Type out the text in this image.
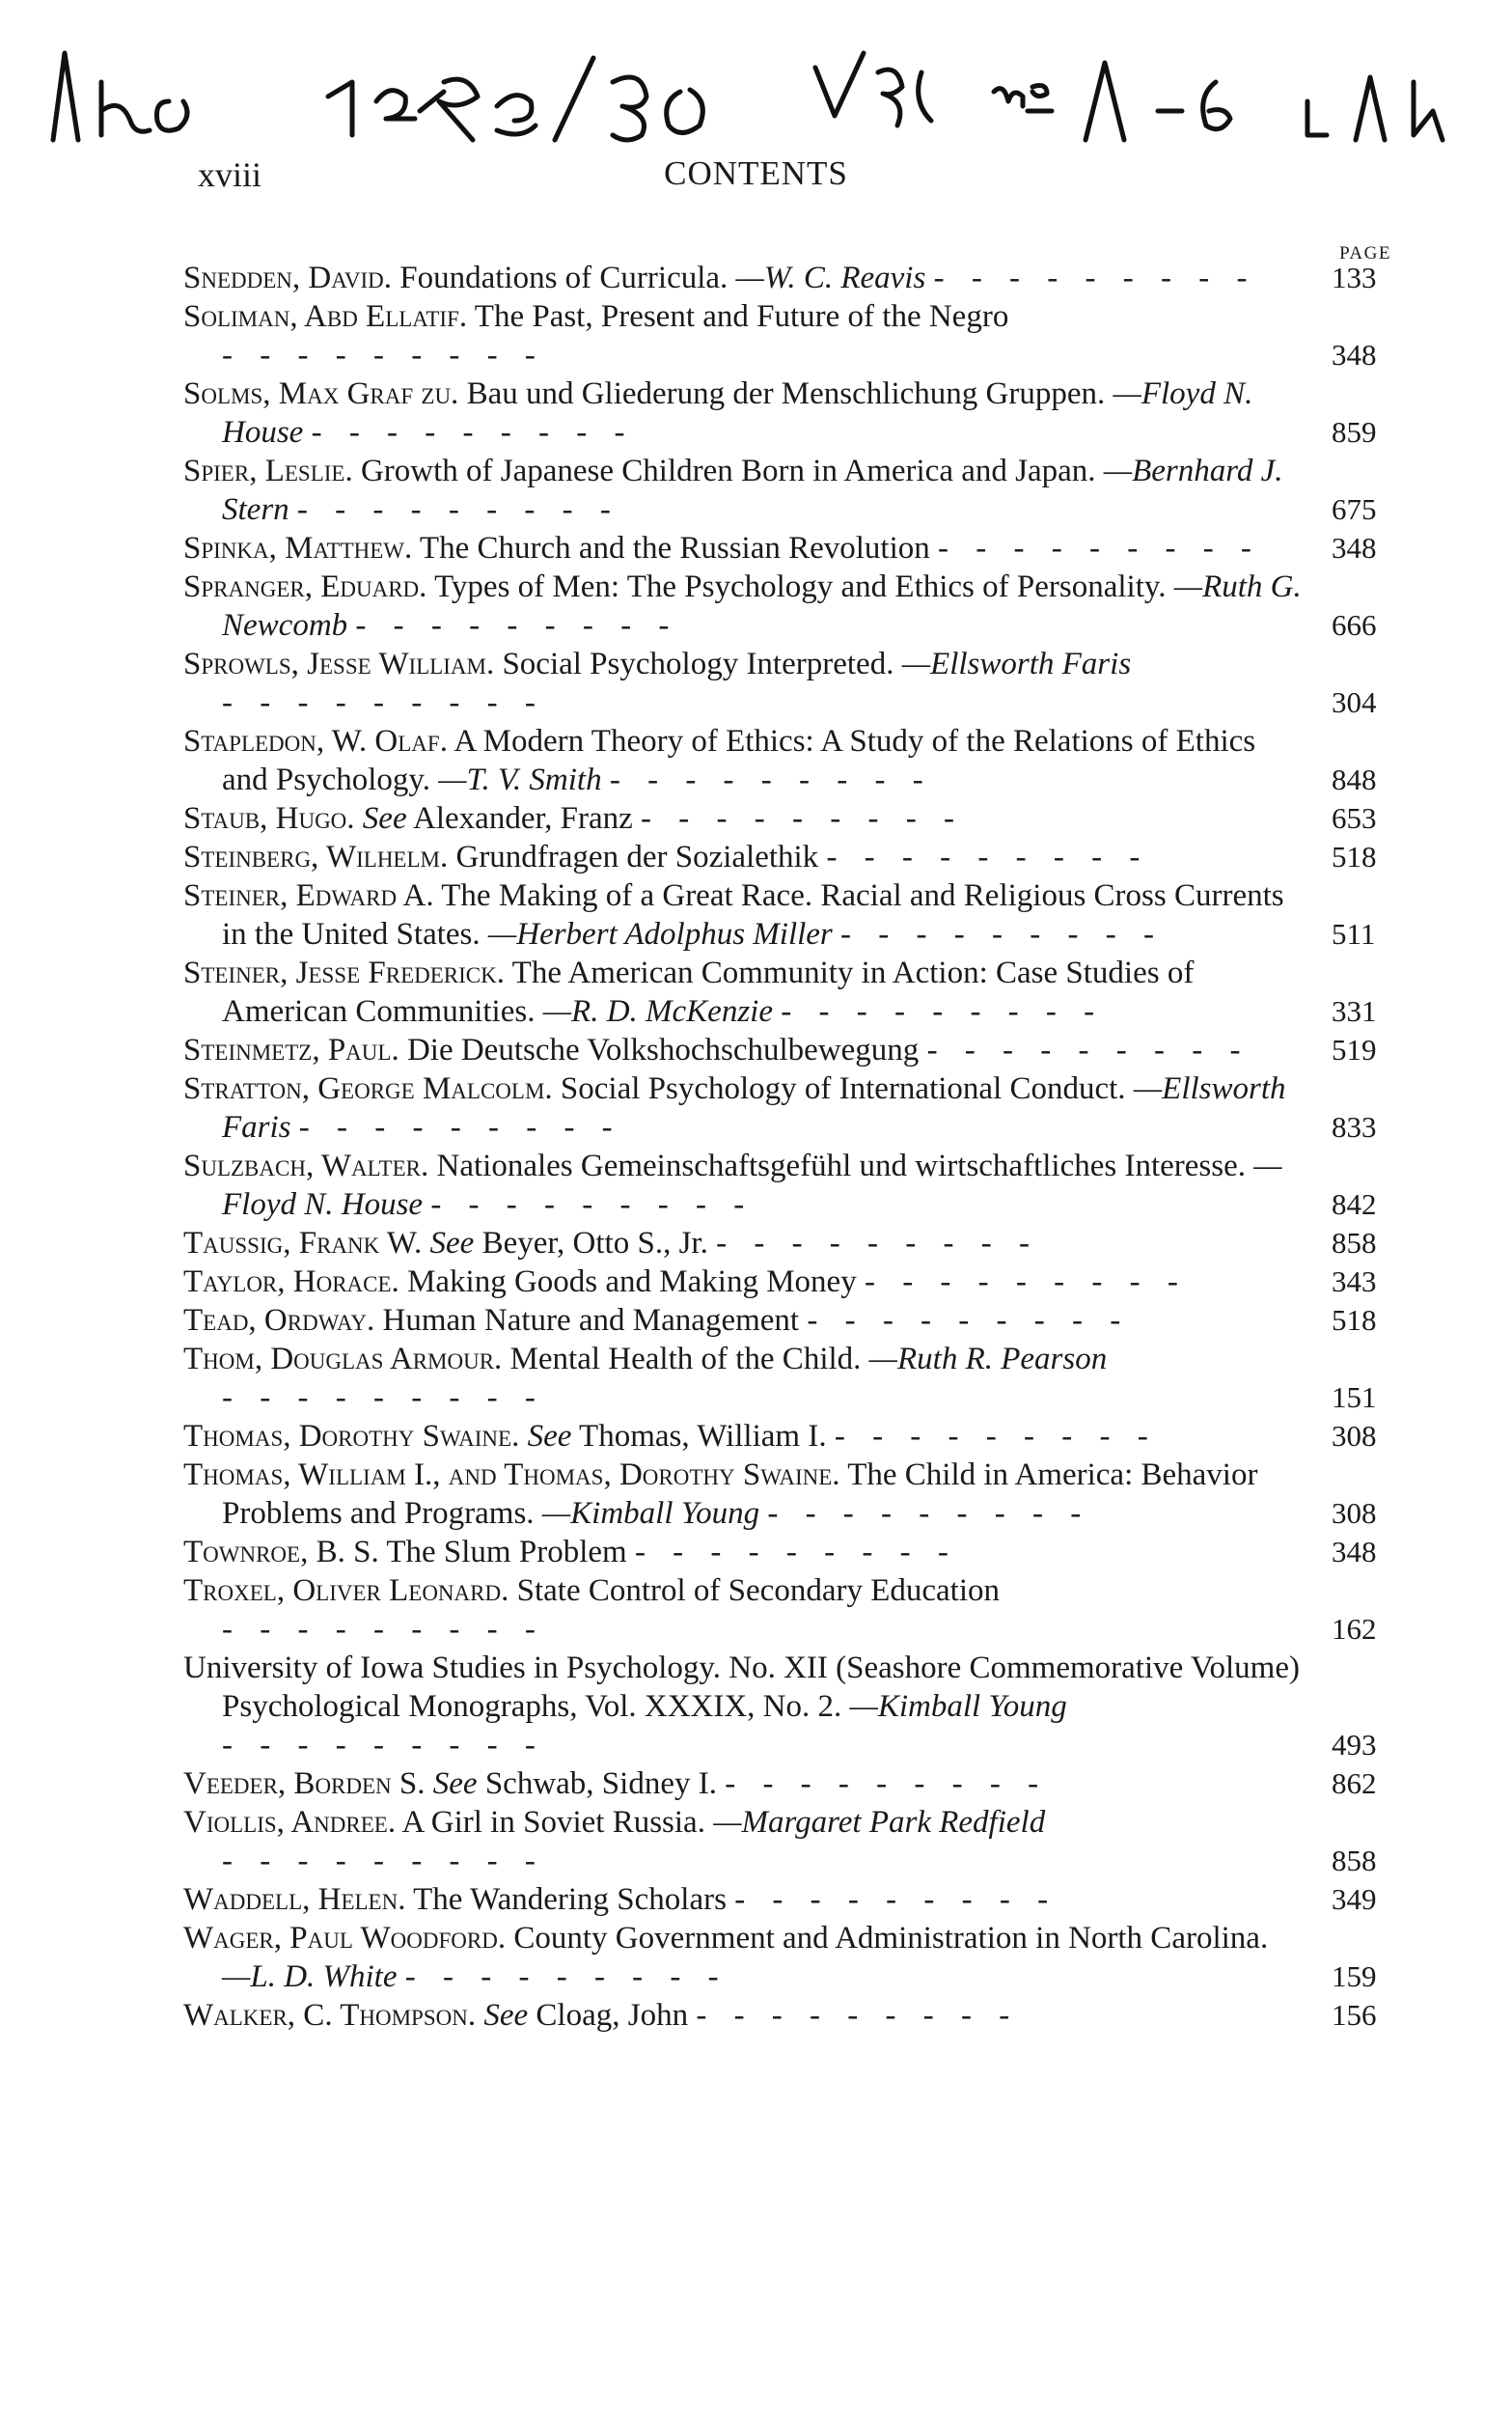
xviii	CONTENTS
PAGE
Snedden, David. Foundations of Curricula. —W. C. Reavis - - - - - - - - -	133
Soliman, Abd Ellatif. The Past, Present and Future of the Negro - - - - - - - - -	348
Solms, Max Graf zu. Bau und Gliederung der Menschlichung Gruppen. —Floyd N. House - - - - - - - - -	859
Spier, Leslie. Growth of Japanese Children Born in America and Japan. —Bernhard J. Stern - - - - - - - - -	675
Spinka, Matthew. The Church and the Russian Revolution - - - - - - - - -	348
Spranger, Eduard. Types of Men: The Psychology and Ethics of Personality. —Ruth G. Newcomb - - - - - - - - -	666
Sprowls, Jesse William. Social Psychology Interpreted. —Ellsworth Faris - - - - - - - - -	304
Stapledon, W. Olaf. A Modern Theory of Ethics: A Study of the Relations of Ethics and Psychology. —T. V. Smith - - - - - - - - -	848
Staub, Hugo. See Alexander, Franz - - - - - - - - -	653
Steinberg, Wilhelm. Grundfragen der Sozialethik - - - - - - - - -	518
Steiner, Edward A. The Making of a Great Race. Racial and Religious Cross Currents in the United States. —Herbert Adolphus Miller - - - - - - - - -	511
Steiner, Jesse Frederick. The American Community in Action: Case Studies of American Communities. —R. D. McKenzie - - - - - - - - -	331
Steinmetz, Paul. Die Deutsche Volkshochschulbewegung - - - - - - - - -	519
Stratton, George Malcolm. Social Psychology of International Conduct. —Ellsworth Faris - - - - - - - - -	833
Sulzbach, Walter. Nationales Gemeinschaftsgefühl und wirtschaftliches Interesse. —Floyd N. House - - - - - - - - -	842
Taussig, Frank W. See Beyer, Otto S., Jr. - - - - - - - - -	858
Taylor, Horace. Making Goods and Making Money - - - - - - - - -	343
Tead, Ordway. Human Nature and Management - - - - - - - - -	518
Thom, Douglas Armour. Mental Health of the Child. —Ruth R. Pearson - - - - - - - - -	151
Thomas, Dorothy Swaine. See Thomas, William I. - - - - - - - - -	308
Thomas, William I., and Thomas, Dorothy Swaine. The Child in America: Behavior Problems and Programs. —Kimball Young - - - - - - - - -	308
Townroe, B. S. The Slum Problem - - - - - - - - -	348
Troxel, Oliver Leonard. State Control of Secondary Education - - - - - - - - -	162
University of Iowa Studies in Psychology. No. XII (Seashore Commemorative Volume) Psychological Monographs, Vol. XXXIX, No. 2. —Kimball Young - - - - - - - - -	493
Veeder, Borden S. See Schwab, Sidney I. - - - - - - - - -	862
Viollis, Andree. A Girl in Soviet Russia. —Margaret Park Redfield - - - - - - - - -	858
Waddell, Helen. The Wandering Scholars - - - - - - - - -	349
Wager, Paul Woodford. County Government and Administration in North Carolina. —L. D. White - - - - - - - - -	159
Walker, C. Thompson. See Cloag, John - - - - - - - - -	156
